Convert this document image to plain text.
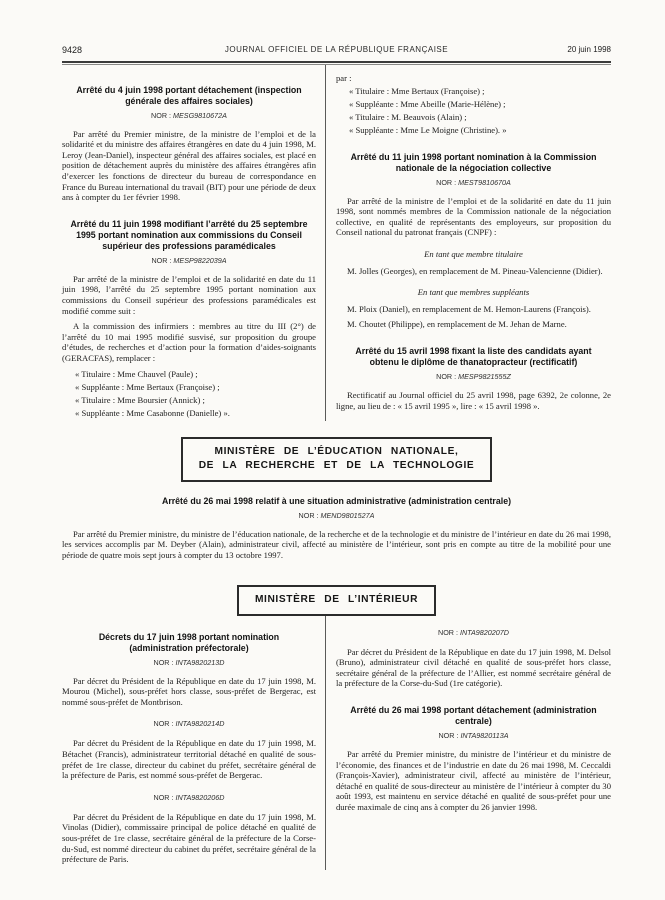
9428	JOURNAL OFFICIEL DE LA RÉPUBLIQUE FRANÇAISE	20 juin 1998
Arrêté du 4 juin 1998 portant détachement (inspection générale des affaires sociales)
NOR : MESG9810672A

Par arrêté du Premier ministre, de la ministre de l’emploi et de la solidarité et du ministre des affaires étrangères en date du 4 juin 1998, M. Leroy (Jean-Daniel), inspecteur général des affaires sociales, est placé en position de détachement auprès du ministère des affaires étrangères afin d’exercer les fonctions de directeur du bureau de correspondance en France du Bureau international du travail (BIT) pour une période de deux ans à compter du 1er février 1998.

Arrêté du 11 juin 1998 modifiant l’arrêté du 25 septembre 1995 portant nomination aux commissions du Conseil supérieur des professions paramédicales
NOR : MESP9822039A

Par arrêté de la ministre de l’emploi et de la solidarité en date du 11 juin 1998, l’arrêté du 25 septembre 1995 portant nomination aux commissions du Conseil supérieur des professions paramédicales est modifié comme suit :

A la commission des infirmiers : membres au titre du III (2°) de l’arrêté du 10 mai 1995 modifié susvisé, sur proposition du groupe d’études, de recherches et d’action pour la formation d’aides-soignants (GERACFAS), remplacer :

« Titulaire : Mme Chauvel (Paule) ;
« Suppléante : Mme Bertaux (Françoise) ;
« Titulaire : Mme Boursier (Annick) ;
« Suppléante : Mme Casabonne (Danielle) ».
par :
« Titulaire : Mme Bertaux (Françoise) ;
« Suppléante : Mme Abeille (Marie-Hélène) ;
« Titulaire : M. Beauvois (Alain) ;
« Suppléante : Mme Le Moigne (Christine). »
Arrêté du 11 juin 1998 portant nomination à la Commission nationale de la négociation collective
NOR : MEST9810670A

Par arrêté de la ministre de l’emploi et de la solidarité en date du 11 juin 1998, sont nommés membres de la Commission nationale de la négociation collective, en qualité de représentants des employeurs, sur proposition du Conseil national du patronat français (CNPF) :

En tant que membre titulaire

M. Jolles (Georges), en remplacement de M. Pineau-Valencienne (Didier).

En tant que membres suppléants

M. Ploix (Daniel), en remplacement de M. Hemon-Laurens (François).

M. Choutet (Philippe), en remplacement de M. Jehan de Marne.

Arrêté du 15 avril 1998 fixant la liste des candidats ayant obtenu le diplôme de thanatopracteur (rectificatif)
NOR : MESP9821555Z

Rectificatif au Journal officiel du 25 avril 1998, page 6392, 2e colonne, 2e ligne, au lieu de : « 15 avril 1995 », lire : « 15 avril 1998 ».

MINISTÈRE DE L’ÉDUCATION NATIONALE,
DE LA RECHERCHE ET DE LA TECHNOLOGIE
Arrêté du 26 mai 1998 relatif à une situation administrative (administration centrale)
NOR : MEND9801527A

Par arrêté du Premier ministre, du ministre de l’éducation nationale, de la recherche et de la technologie et du ministre de l’intérieur en date du 26 mai 1998, les services accomplis par M. Deyber (Alain), administrateur civil, affecté au ministère de l’intérieur, sont pris en compte au titre de la mobilité pour une période de quatre mois sept jours à compter du 13 octobre 1997.

MINISTÈRE DE L’INTÉRIEUR
Décrets du 17 juin 1998 portant nomination (administration préfectorale)
NOR : INTA9820213D

Par décret du Président de la République en date du 17 juin 1998, M. Mourou (Michel), sous-préfet hors classe, sous-préfet de Bergerac, est nommé sous-préfet de Montbrison.

NOR : INTA9820214D

Par décret du Président de la République en date du 17 juin 1998, M. Bétachet (Francis), administrateur territorial détaché en qualité de sous-préfet de 1re classe, directeur du cabinet du préfet, secrétaire général de la préfecture de Paris, est nommé sous-préfet de Bergerac.

NOR : INTA9820206D

Par décret du Président de la République en date du 17 juin 1998, M. Vinolas (Didier), commissaire principal de police détaché en qualité de sous-préfet de 1re classe, secrétaire général de la préfecture de la Corse-du-Sud, est nommé directeur du cabinet du préfet, secrétaire général de la préfecture de Paris.

NOR : INTA9820207D

Par décret du Président de la République en date du 17 juin 1998, M. Delsol (Bruno), administrateur civil détaché en qualité de sous-préfet hors classe, secrétaire général de la préfecture de l’Allier, est nommé secrétaire général de la préfecture de la Corse-du-Sud (1re catégorie).

Arrêté du 26 mai 1998 portant détachement (administration centrale)
NOR : INTA9820113A

Par arrêté du Premier ministre, du ministre de l’intérieur et du ministre de l’économie, des finances et de l’industrie en date du 26 mai 1998, M. Ceccaldi (François-Xavier), administrateur civil, affecté au ministère de l’intérieur, détaché en qualité de sous-directeur au ministère de l’intérieur à compter du 30 août 1993, est maintenu en service détaché en qualité de sous-préfet pour une durée maximale de cinq ans à compter du 26 janvier 1998.
